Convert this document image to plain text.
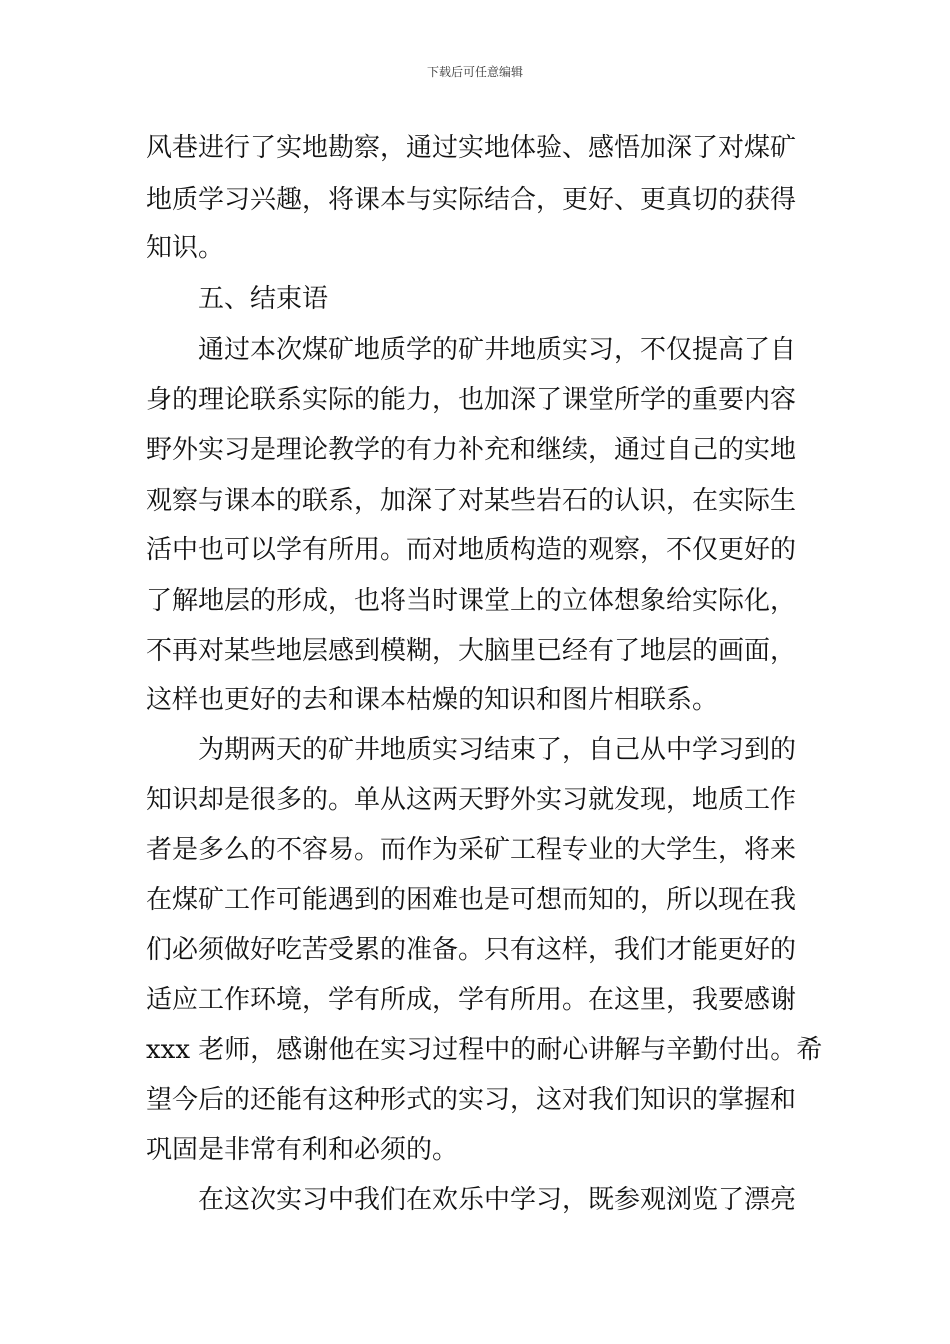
下载后可任意编辑
风巷进行了实地勘察，通过实地体验、感悟加深了对煤矿
地质学习兴趣，将课本与实际结合，更好、更真切的获得
知识。
五、结束语
通过本次煤矿地质学的矿井地质实习，不仅提高了自
身的理论联系实际的能力，也加深了课堂所学的重要内容
野外实习是理论教学的有力补充和继续，通过自己的实地
观察与课本的联系，加深了对某些岩石的认识，在实际生
活中也可以学有所用。而对地质构造的观察，不仅更好的
了解地层的形成，也将当时课堂上的立体想象给实际化，
不再对某些地层感到模糊，大脑里已经有了地层的画面，
这样也更好的去和课本枯燥的知识和图片相联系。
为期两天的矿井地质实习结束了，自己从中学习到的
知识却是很多的。单从这两天野外实习就发现，地质工作
者是多么的不容易。而作为采矿工程专业的大学生，将来
在煤矿工作可能遇到的困难也是可想而知的，所以现在我
们必须做好吃苦受累的准备。只有这样，我们才能更好的
适应工作环境，学有所成，学有所用。在这里，我要感谢
xxx 老师，感谢他在实习过程中的耐心讲解与辛勤付出。希
望今后的还能有这种形式的实习，这对我们知识的掌握和
巩固是非常有利和必须的。
在这次实习中我们在欢乐中学习，既参观浏览了漂亮
